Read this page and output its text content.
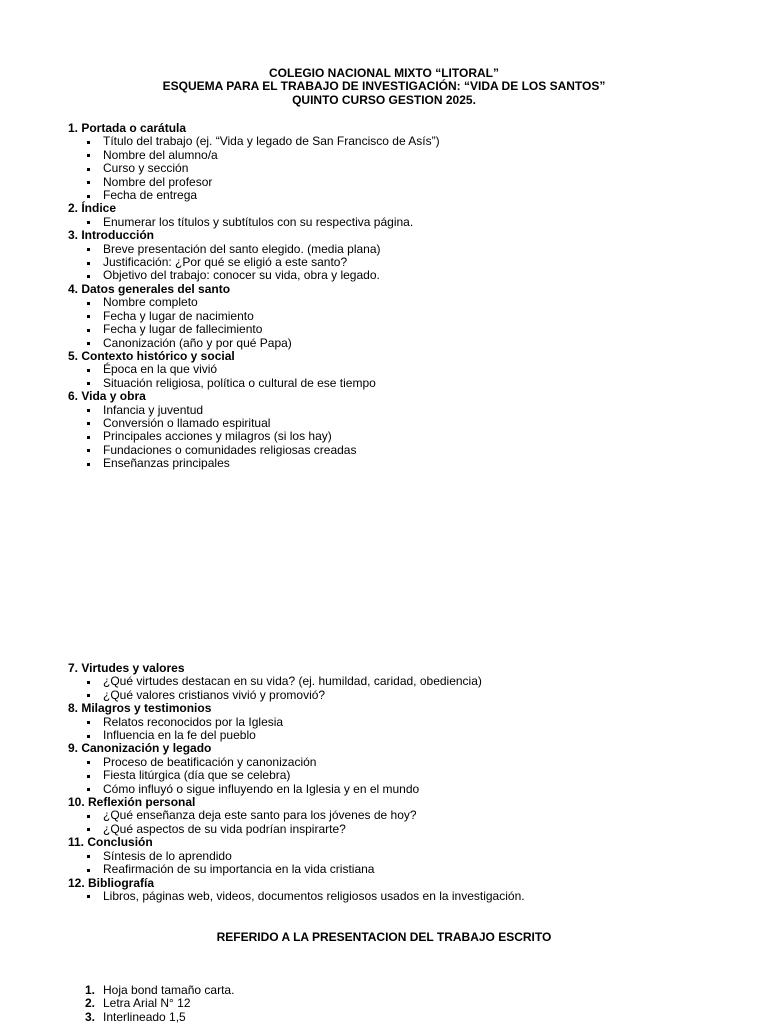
COLEGIO NACIONAL MIXTO “LITORAL”
ESQUEMA PARA EL TRABAJO DE INVESTIGACIÓN: “VIDA DE LOS SANTOS”
QUINTO CURSO GESTION 2025.
1. Portada o carátula
Título del trabajo (ej. “Vida y legado de San Francisco de Asís”)
Nombre del alumno/a
Curso y sección
Nombre del profesor
Fecha de entrega
2. Índice
Enumerar los títulos y subtítulos con su respectiva página.
3. Introducción
Breve presentación del santo elegido. (media plana)
Justificación: ¿Por qué se eligió a este santo?
Objetivo del trabajo: conocer su vida, obra y legado.
4. Datos generales del santo
Nombre completo
Fecha y lugar de nacimiento
Fecha y lugar de fallecimiento
Canonización (año y por qué Papa)
5. Contexto histórico y social
Época en la que vivió
Situación religiosa, política o cultural de ese tiempo
6. Vida y obra
Infancia y juventud
Conversión o llamado espiritual
Principales acciones y milagros (si los hay)
Fundaciones o comunidades religiosas creadas
Enseñanzas principales
7. Virtudes y valores
¿Qué virtudes destacan en su vida? (ej. humildad, caridad, obediencia)
¿Qué valores cristianos vivió y promovió?
8. Milagros y testimonios
Relatos reconocidos por la Iglesia
Influencia en la fe del pueblo
9. Canonización y legado
Proceso de beatificación y canonización
Fiesta litúrgica (día que se celebra)
Cómo influyó o sigue influyendo en la Iglesia y en el mundo
10. Reflexión personal
¿Qué enseñanza deja este santo para los jóvenes de hoy?
¿Qué aspectos de su vida podrían inspirarte?
11. Conclusión
Síntesis de lo aprendido
Reafirmación de su importancia en la vida cristiana
12. Bibliografía
Libros, páginas web, videos, documentos religiosos usados en la investigación.
REFERIDO A LA PRESENTACION DEL TRABAJO ESCRITO
1. Hoja bond tamaño carta.
2. Letra Arial N° 12
3. Interlineado 1,5
